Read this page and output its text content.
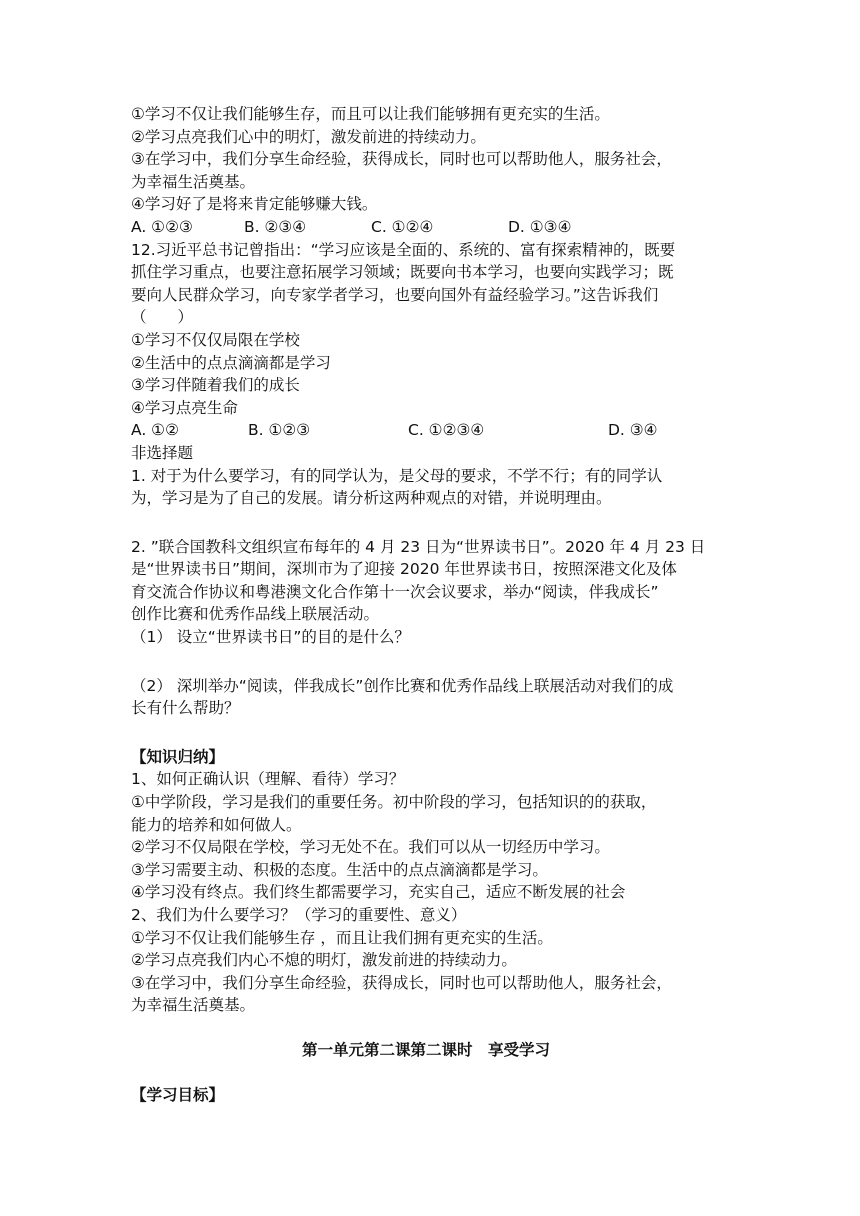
①学习不仅让我们能够生存，而且可以让我们能够拥有更充实的生活。
②学习点亮我们心中的明灯，激发前进的持续动力。
③在学习中，我们分享生命经验，获得成长，同时也可以帮助他人，服务社会，
为幸福生活奠基。
④学习好了是将来肯定能够赚大钱。
A. ①②③	B. ②③④	C. ①②④	D. ①③④
12.习近平总书记曾指出：“学习应该是全面的、系统的、富有探索精神的，既要
抓住学习重点，也要注意拓展学习领域；既要向书本学习，也要向实践学习；既
要向人民群众学习，向专家学者学习，也要向国外有益经验学习。”这告诉我们
（　　）
①学习不仅仅局限在学校
②生活中的点点滴滴都是学习
③学习伴随着我们的成长
④学习点亮生命
A. ①②	B. ①②③	C. ①②③④	D. ③④
非选择题
1. 对于为什么要学习，有的同学认为，是父母的要求，不学不行；有的同学认
为，学习是为了自己的发展。请分析这两种观点的对错，并说明理由。
2. ”联合国教科文组织宣布每年的 4 月 23 日为“世界读书日”。2020 年 4 月 23 日
是“世界读书日”期间，深圳市为了迎接 2020 年世界读书日，按照深港文化及体
育交流合作协议和粤港澳文化合作第十一次会议要求，举办“阅读，伴我成长”
创作比赛和优秀作品线上联展活动。
（1） 设立“世界读书日”的目的是什么？
（2） 深圳举办“阅读，伴我成长”创作比赛和优秀作品线上联展活动对我们的成
长有什么帮助？
【知识归纳】
1、如何正确认识（理解、看待）学习？
①中学阶段，学习是我们的重要任务。初中阶段的学习，包括知识的的获取，
能力的培养和如何做人。
②学习不仅局限在学校，学习无处不在。我们可以从一切经历中学习。
③学习需要主动、积极的态度。生活中的点点滴滴都是学习。
④学习没有终点。我们终生都需要学习，充实自己，适应不断发展的社会
2、我们为什么要学习？（学习的重要性、意义）
①学习不仅让我们能够生存 ，而且让我们拥有更充实的生活。
②学习点亮我们内心不熄的明灯，激发前进的持续动力。
③在学习中，我们分享生命经验，获得成长，同时也可以帮助他人，服务社会，
为幸福生活奠基。
第一单元第二课第二课时　享受学习
【学习目标】
